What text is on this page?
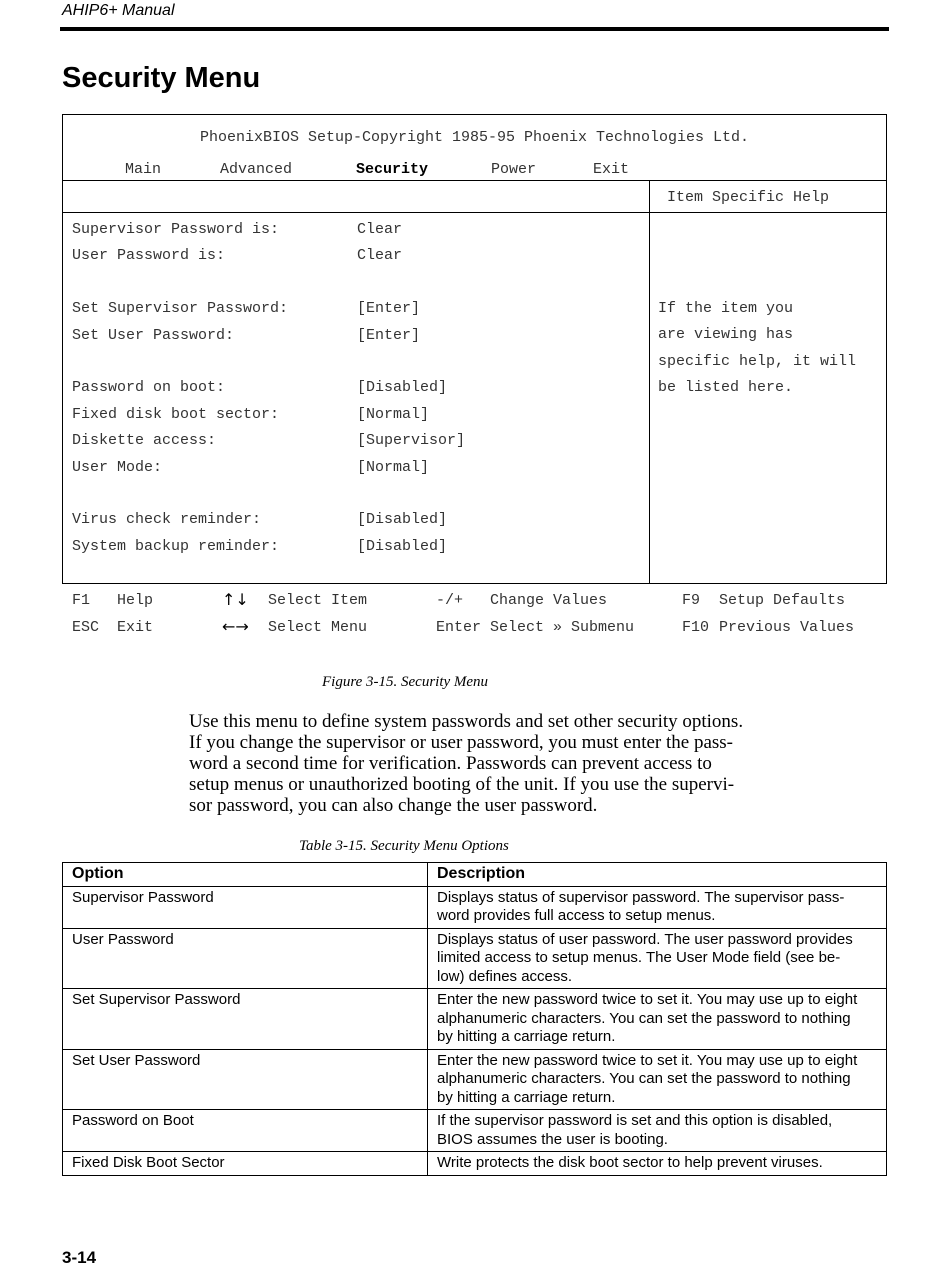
AHIP6+ Manual
Security Menu
PhoenixBIOS Setup-Copyright 1985-95 Phoenix Technologies Ltd.
Main	Advanced	Security	Power	Exit
Item Specific Help
Supervisor Password is:	Clear
User Password is:	Clear
Set Supervisor Password:	[Enter]
Set User Password:	[Enter]
Password on boot:	[Disabled]
Fixed disk boot sector:	[Normal]
Diskette access:	[Supervisor]
User Mode:	[Normal]
Virus check reminder:	[Disabled]
System backup reminder:	[Disabled]
If the item you
are viewing has
specific help, it will
be listed here.
F1 Help	↑↓ Select Item	-/+ Change Values	F9 Setup Defaults
ESC Exit	←→ Select Menu	Enter Select » Submenu	F10 Previous Values
Figure 3-15. Security Menu
Use this menu to define system passwords and set other security options.
If you change the supervisor or user password, you must enter the pass-
word a second time for verification. Passwords can prevent access to
setup menus or unauthorized booting of the unit. If you use the supervi-
sor password, you can also change the user password.
Table 3-15. Security Menu Options
Option	Description
Supervisor Password	Displays status of supervisor password. The supervisor pass-
word provides full access to setup menus.

User Password	Displays status of user password. The user password provides
limited access to setup menus. The User Mode field (see be-
low) defines access.

Set Supervisor Password	Enter the new password twice to set it. You may use up to eight
alphanumeric characters. You can set the password to nothing
by hitting a carriage return.

Set User Password	Enter the new password twice to set it. You may use up to eight
alphanumeric characters. You can set the password to nothing
by hitting a carriage return.

Password on Boot	If the supervisor password is set and this option is disabled,
BIOS assumes the user is booting.

Fixed Disk Boot Sector	Write protects the disk boot sector to help prevent viruses.
3-14
